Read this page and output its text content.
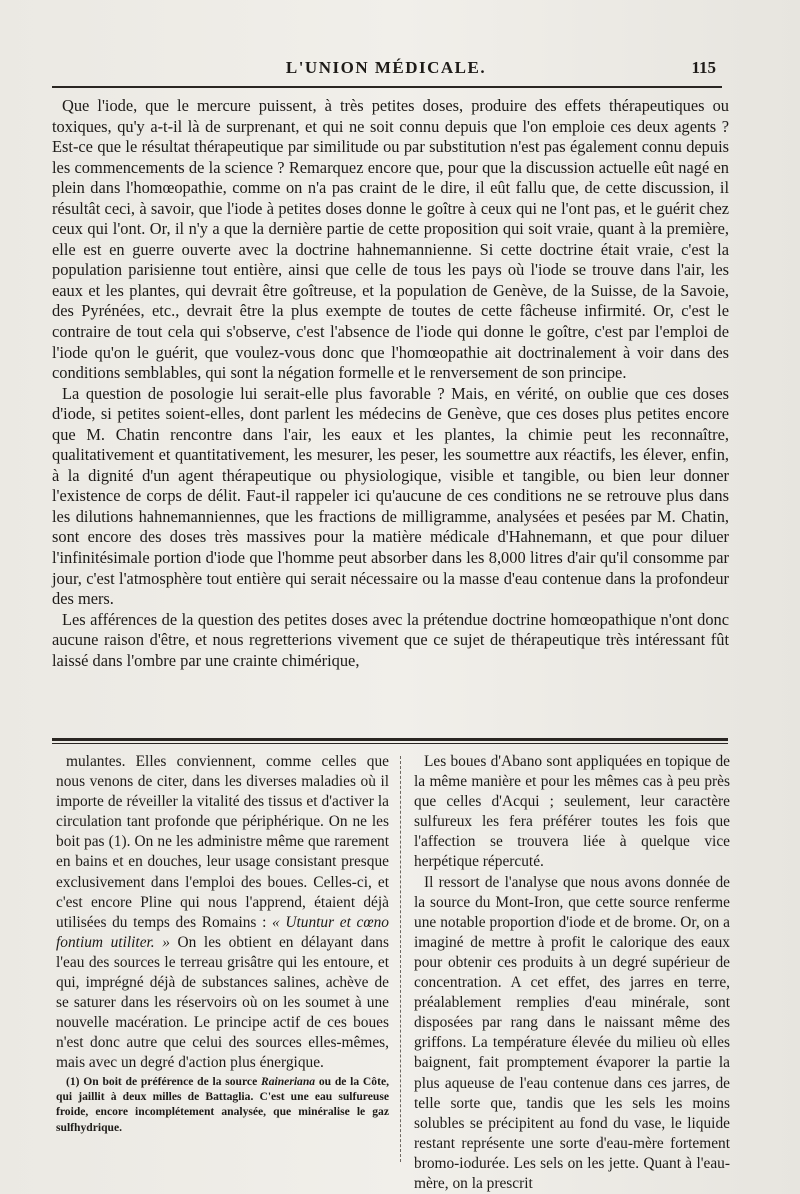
L'UNION MÉDICALE.	115

Que l'iode, que le mercure puissent, à très petites doses, produire des effets thérapeutiques ou toxiques, qu'y a-t-il là de surprenant, et qui ne soit connu depuis que l'on emploie ces deux agents ? Est-ce que le résultat thérapeutique par similitude ou par substitution n'est pas également connu depuis les commencements de la science ? Remarquez encore que, pour que la discussion actuelle eût nagé en plein dans l'homœopathie, comme on n'a pas craint de le dire, il eût fallu que, de cette discussion, il résultât ceci, à savoir, que l'iode à petites doses donne le goître à ceux qui ne l'ont pas, et le guérit chez ceux qui l'ont. Or, il n'y a que la dernière partie de cette proposition qui soit vraie, quant à la première, elle est en guerre ouverte avec la doctrine hahnemannienne. Si cette doctrine était vraie, c'est la population parisienne tout entière, ainsi que celle de tous les pays où l'iode se trouve dans l'air, les eaux et les plantes, qui devrait être goîtreuse, et la population de Genève, de la Suisse, de la Savoie, des Pyrénées, etc., devrait être la plus exempte de toutes de cette fâcheuse infirmité. Or, c'est le contraire de tout cela qui s'observe, c'est l'absence de l'iode qui donne le goître, c'est par l'emploi de l'iode qu'on le guérit, que voulez-vous donc que l'homœopathie ait doctrinalement à voir dans des conditions semblables, qui sont la négation formelle et le renversement de son principe.

La question de posologie lui serait-elle plus favorable ? Mais, en vérité, on oublie que ces doses d'iode, si petites soient-elles, dont parlent les médecins de Genève, que ces doses plus petites encore que M. Chatin rencontre dans l'air, les eaux et les plantes, la chimie peut les reconnaître, qualitativement et quantitativement, les mesurer, les peser, les soumettre aux réactifs, les élever, enfin, à la dignité d'un agent thérapeutique ou physiologique, visible et tangible, ou bien leur donner l'existence de corps de délit. Faut-il rappeler ici qu'aucune de ces conditions ne se retrouve plus dans les dilutions hahnemanniennes, que les fractions de milligramme, analysées et pesées par M. Chatin, sont encore des doses très massives pour la matière médicale d'Hahnemann, et que pour diluer l'infinitésimale portion d'iode que l'homme peut absorber dans les 8,000 litres d'air qu'il consomme par jour, c'est l'atmosphère tout entière qui serait nécessaire ou la masse d'eau contenue dans la profondeur des mers.

Les afférences de la question des petites doses avec la prétendue doctrine homœopathique n'ont donc aucune raison d'être, et nous regretterions vivement que ce sujet de thérapeutique très intéressant fût laissé dans l'ombre par une crainte chimérique,

mulantes. Elles conviennent, comme celles que nous venons de citer, dans les diverses maladies où il importe de réveiller la vitalité des tissus et d'activer la circulation tant profonde que périphérique. On ne les boit pas (1). On ne les administre même que rarement en bains et en douches, leur usage consistant presque exclusivement dans l'emploi des boues. Celles-ci, et c'est encore Pline qui nous l'apprend, étaient déjà utilisées du temps des Romains : « Utuntur et cœno fontium utiliter. » On les obtient en délayant dans l'eau des sources le terreau grisâtre qui les entoure, et qui, imprégné déjà de substances salines, achève de se saturer dans les réservoirs où on les soumet à une nouvelle macération. Le principe actif de ces boues n'est donc autre que celui des sources elles-mêmes, mais avec un degré d'action plus énergique.

(1) On boit de préférence de la source Raineriana ou de la Côte, qui jaillit à deux milles de Battaglia. C'est une eau sulfureuse froide, encore incomplétement analysée, que minéralise le gaz sulfhydrique.

Les boues d'Abano sont appliquées en topique de la même manière et pour les mêmes cas à peu près que celles d'Acqui ; seulement, leur caractère sulfureux les fera préférer toutes les fois que l'affection se trouvera liée à quelque vice herpétique répercuté.

Il ressort de l'analyse que nous avons donnée de la source du Mont-Iron, que cette source renferme une notable proportion d'iode et de brome. Or, on a imaginé de mettre à profit le calorique des eaux pour obtenir ces produits à un degré supérieur de concentration. A cet effet, des jarres en terre, préalablement remplies d'eau minérale, sont disposées par rang dans le naissant même des griffons. La température élevée du milieu où elles baignent, fait promptement évaporer la partie la plus aqueuse de l'eau contenue dans ces jarres, de telle sorte que, tandis que les sels les moins solubles se précipitent au fond du vase, le liquide restant représente une sorte d'eau-mère fortement bromo-iodurée. Les sels on les jette. Quant à l'eau-mère, on la prescrit
